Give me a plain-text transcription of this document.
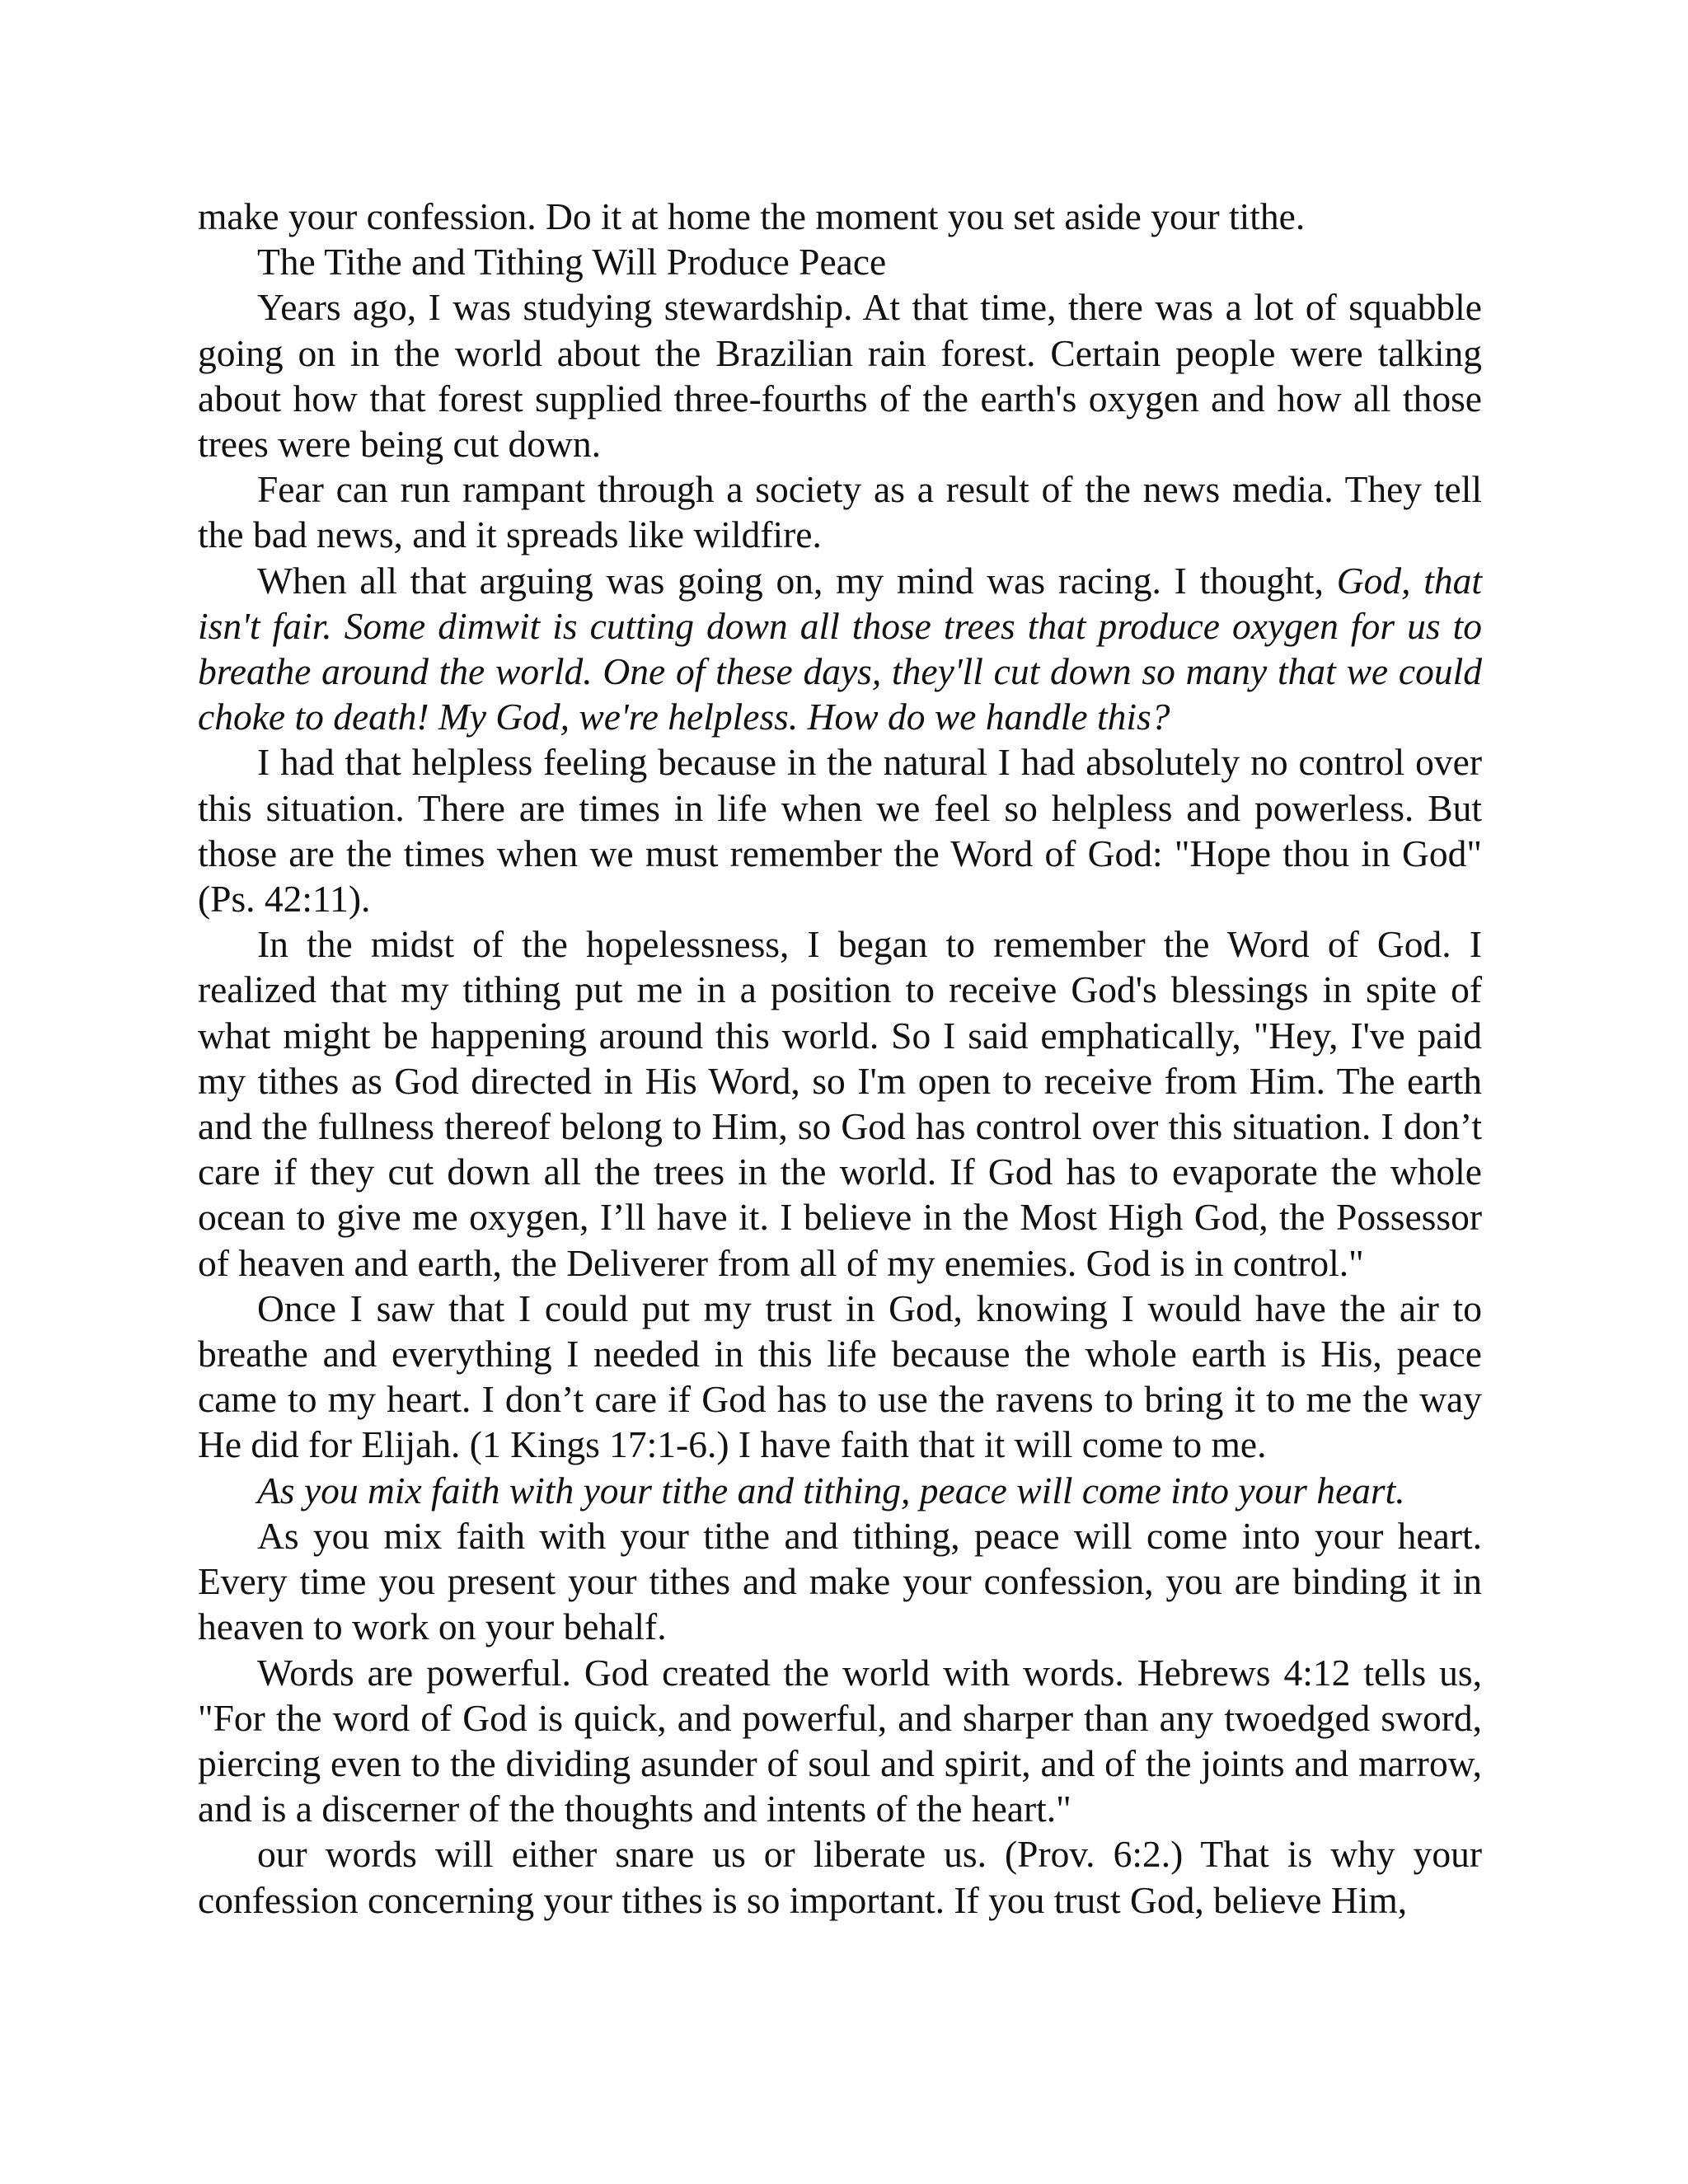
make your confession. Do it at home the moment you set aside your tithe.

The Tithe and Tithing Will Produce Peace

Years ago, I was studying stewardship. At that time, there was a lot of squabble going on in the world about the Brazilian rain forest. Certain people were talking about how that forest supplied three-fourths of the earth's oxygen and how all those trees were being cut down.

Fear can run rampant through a society as a result of the news media. They tell the bad news, and it spreads like wildfire.

When all that arguing was going on, my mind was racing. I thought, God, that isn't fair. Some dimwit is cutting down all those trees that produce oxygen for us to breathe around the world. One of these days, they'll cut down so many that we could choke to death! My God, we're helpless. How do we handle this?

I had that helpless feeling because in the natural I had absolutely no control over this situation. There are times in life when we feel so helpless and powerless. But those are the times when we must remember the Word of God: "Hope thou in God" (Ps. 42:11).

In the midst of the hopelessness, I began to remember the Word of God. I realized that my tithing put me in a position to receive God's blessings in spite of what might be happening around this world. So I said emphatically, "Hey, I've paid my tithes as God directed in His Word, so I'm open to receive from Him. The earth and the fullness thereof belong to Him, so God has control over this situation. I don’t care if they cut down all the trees in the world. If God has to evaporate the whole ocean to give me oxygen, I’ll have it. I believe in the Most High God, the Possessor of heaven and earth, the Deliverer from all of my enemies. God is in control."

Once I saw that I could put my trust in God, knowing I would have the air to breathe and everything I needed in this life because the whole earth is His, peace came to my heart. I don’t care if God has to use the ravens to bring it to me the way He did for Elijah. (1 Kings 17:1-6.) I have faith that it will come to me.

As you mix faith with your tithe and tithing, peace will come into your heart.

As you mix faith with your tithe and tithing, peace will come into your heart. Every time you present your tithes and make your confession, you are binding it in heaven to work on your behalf.

Words are powerful. God created the world with words. Hebrews 4:12 tells us, "For the word of God is quick, and powerful, and sharper than any twoedged sword, piercing even to the dividing asunder of soul and spirit, and of the joints and marrow, and is a discerner of the thoughts and intents of the heart."

our words will either snare us or liberate us. (Prov. 6:2.) That is why your confession concerning your tithes is so important. If you trust God, believe Him,
